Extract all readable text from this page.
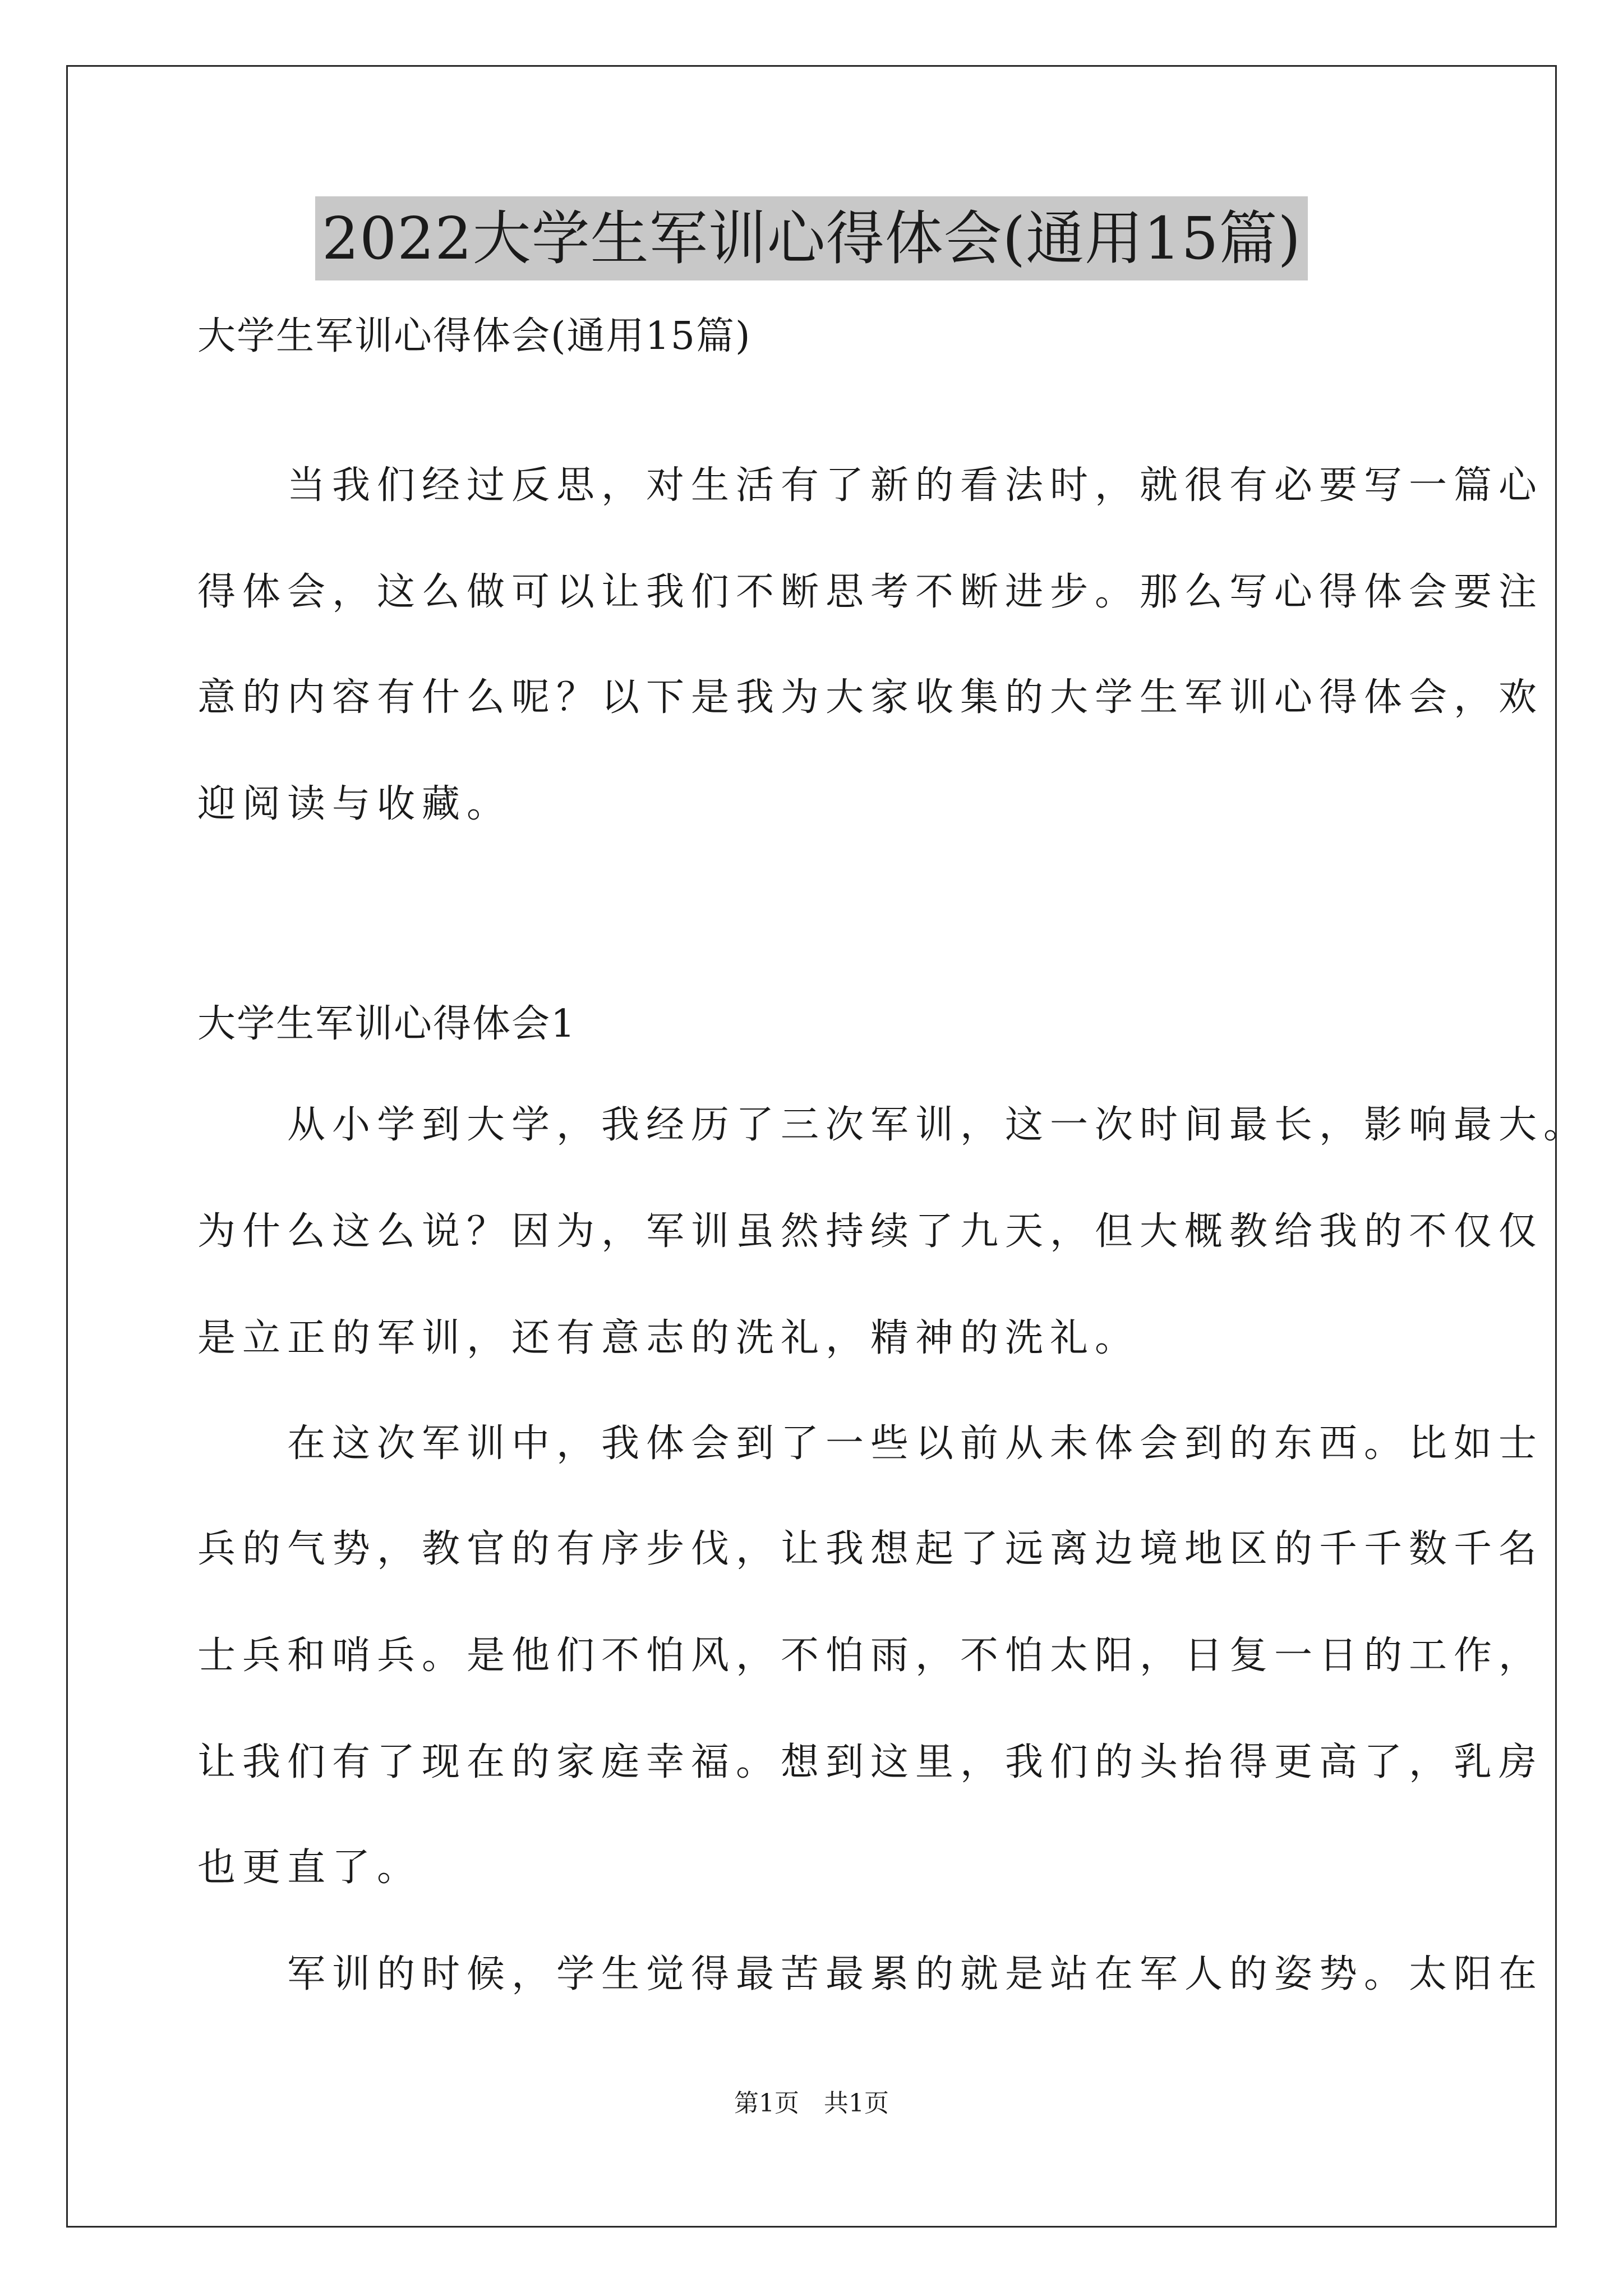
2022大学生军训心得体会(通用15篇)
大学生军训心得体会(通用15篇)
　　当我们经过反思，对生活有了新的看法时，就很有必要写一篇心
得体会，这么做可以让我们不断思考不断进步。那么写心得体会要注
意的内容有什么呢？以下是我为大家收集的大学生军训心得体会，欢
迎阅读与收藏。
大学生军训心得体会1
　　从小学到大学，我经历了三次军训，这一次时间最长，影响最大。
为什么这么说？因为，军训虽然持续了九天，但大概教给我的不仅仅
是立正的军训，还有意志的洗礼，精神的洗礼。
　　在这次军训中，我体会到了一些以前从未体会到的东西。比如士
兵的气势，教官的有序步伐，让我想起了远离边境地区的千千数千名
士兵和哨兵。是他们不怕风，不怕雨，不怕太阳，日复一日的工作，
让我们有了现在的家庭幸福。想到这里，我们的头抬得更高了，乳房
也更直了。
　　军训的时候，学生觉得最苦最累的就是站在军人的姿势。太阳在
第1页　共1页
